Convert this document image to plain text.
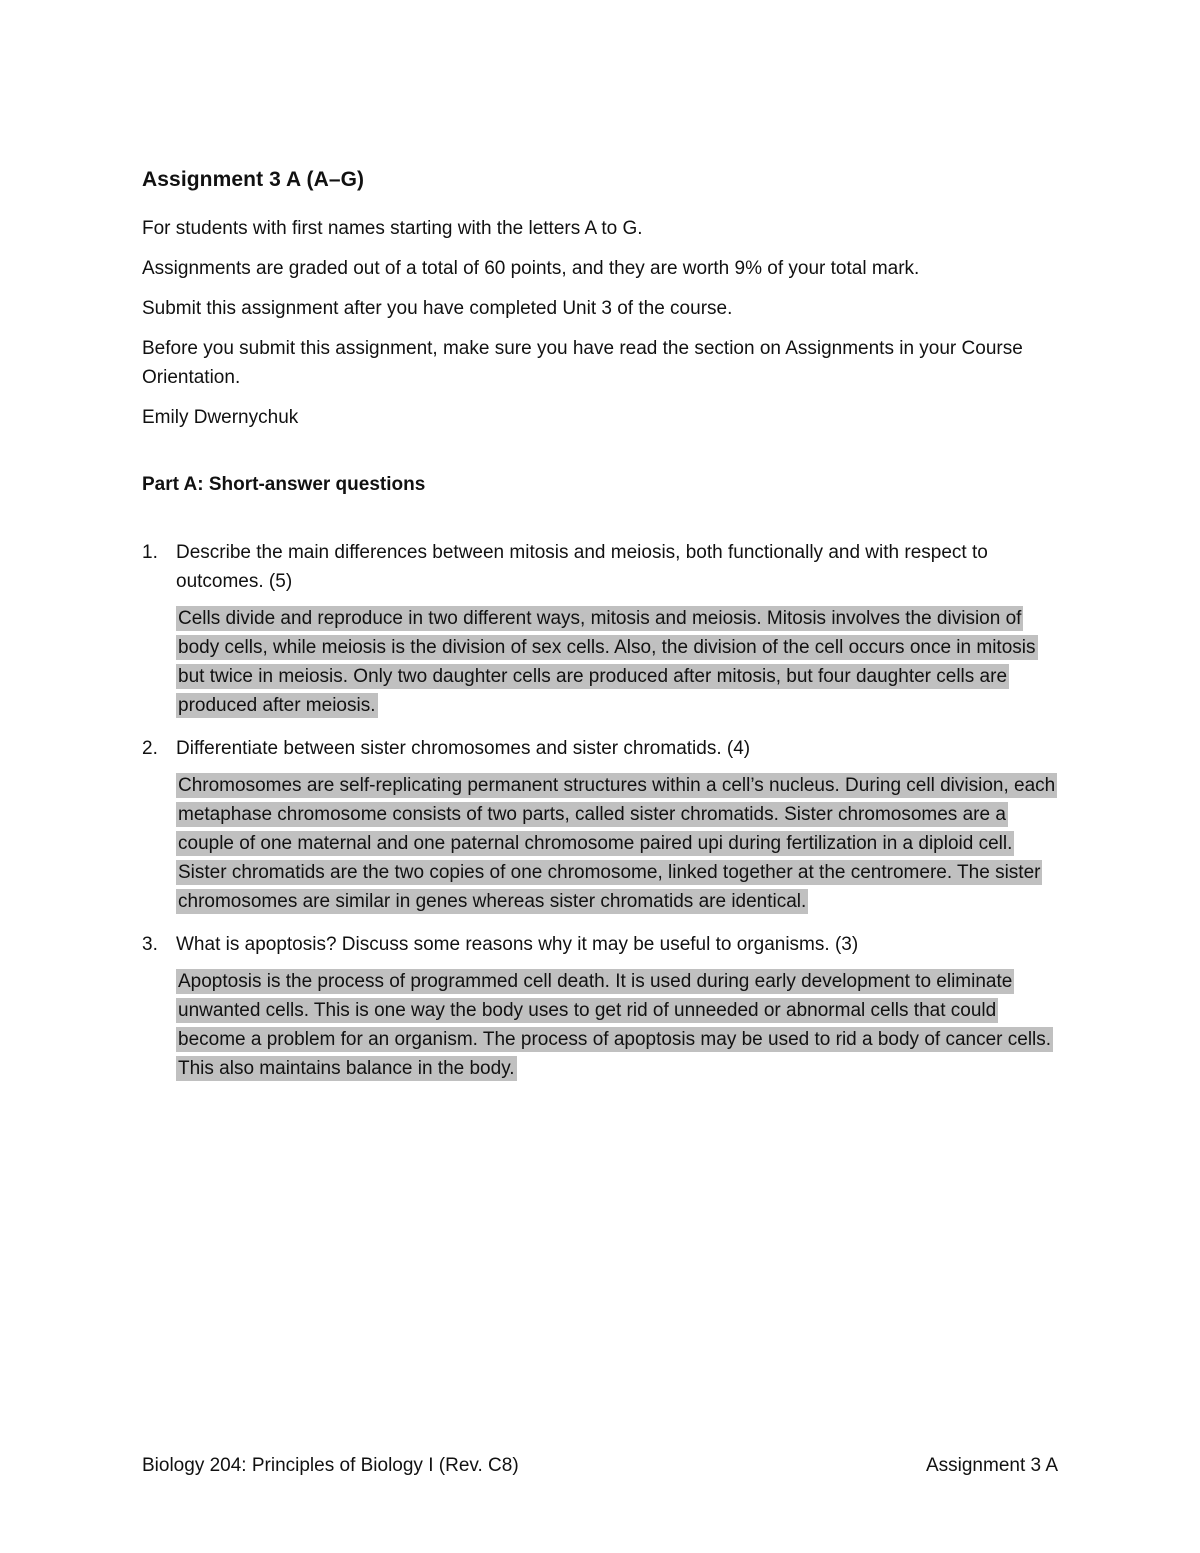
Assignment 3 A (A–G)

For students with first names starting with the letters A to G.

Assignments are graded out of a total of 60 points, and they are worth 9% of your total mark.

Submit this assignment after you have completed Unit 3 of the course.

Before you submit this assignment, make sure you have read the section on Assignments in your Course Orientation.

Emily Dwernychuk

Part A: Short-answer questions
1. Describe the main differences between mitosis and meiosis, both functionally and with respect to outcomes. (5)
Cells divide and reproduce in two different ways, mitosis and meiosis. Mitosis involves the division of body cells, while meiosis is the division of sex cells. Also, the division of the cell occurs once in mitosis but twice in meiosis. Only two daughter cells are produced after mitosis, but four daughter cells are produced after meiosis.
2. Differentiate between sister chromosomes and sister chromatids. (4)
Chromosomes are self-replicating permanent structures within a cell’s nucleus. During cell division, each metaphase chromosome consists of two parts, called sister chromatids. Sister chromosomes are a couple of one maternal and one paternal chromosome paired upi during fertilization in a diploid cell. Sister chromatids are the two copies of one chromosome, linked together at the centromere. The sister chromosomes are similar in genes whereas sister chromatids are identical.
3. What is apoptosis? Discuss some reasons why it may be useful to organisms. (3)
Apoptosis is the process of programmed cell death. It is used during early development to eliminate unwanted cells. This is one way the body uses to get rid of unneeded or abnormal cells that could become a problem for an organism. The process of apoptosis may be used to rid a body of cancer cells. This also maintains balance in the body.
Biology 204: Principles of Biology I (Rev. C8)	Assignment 3 A
